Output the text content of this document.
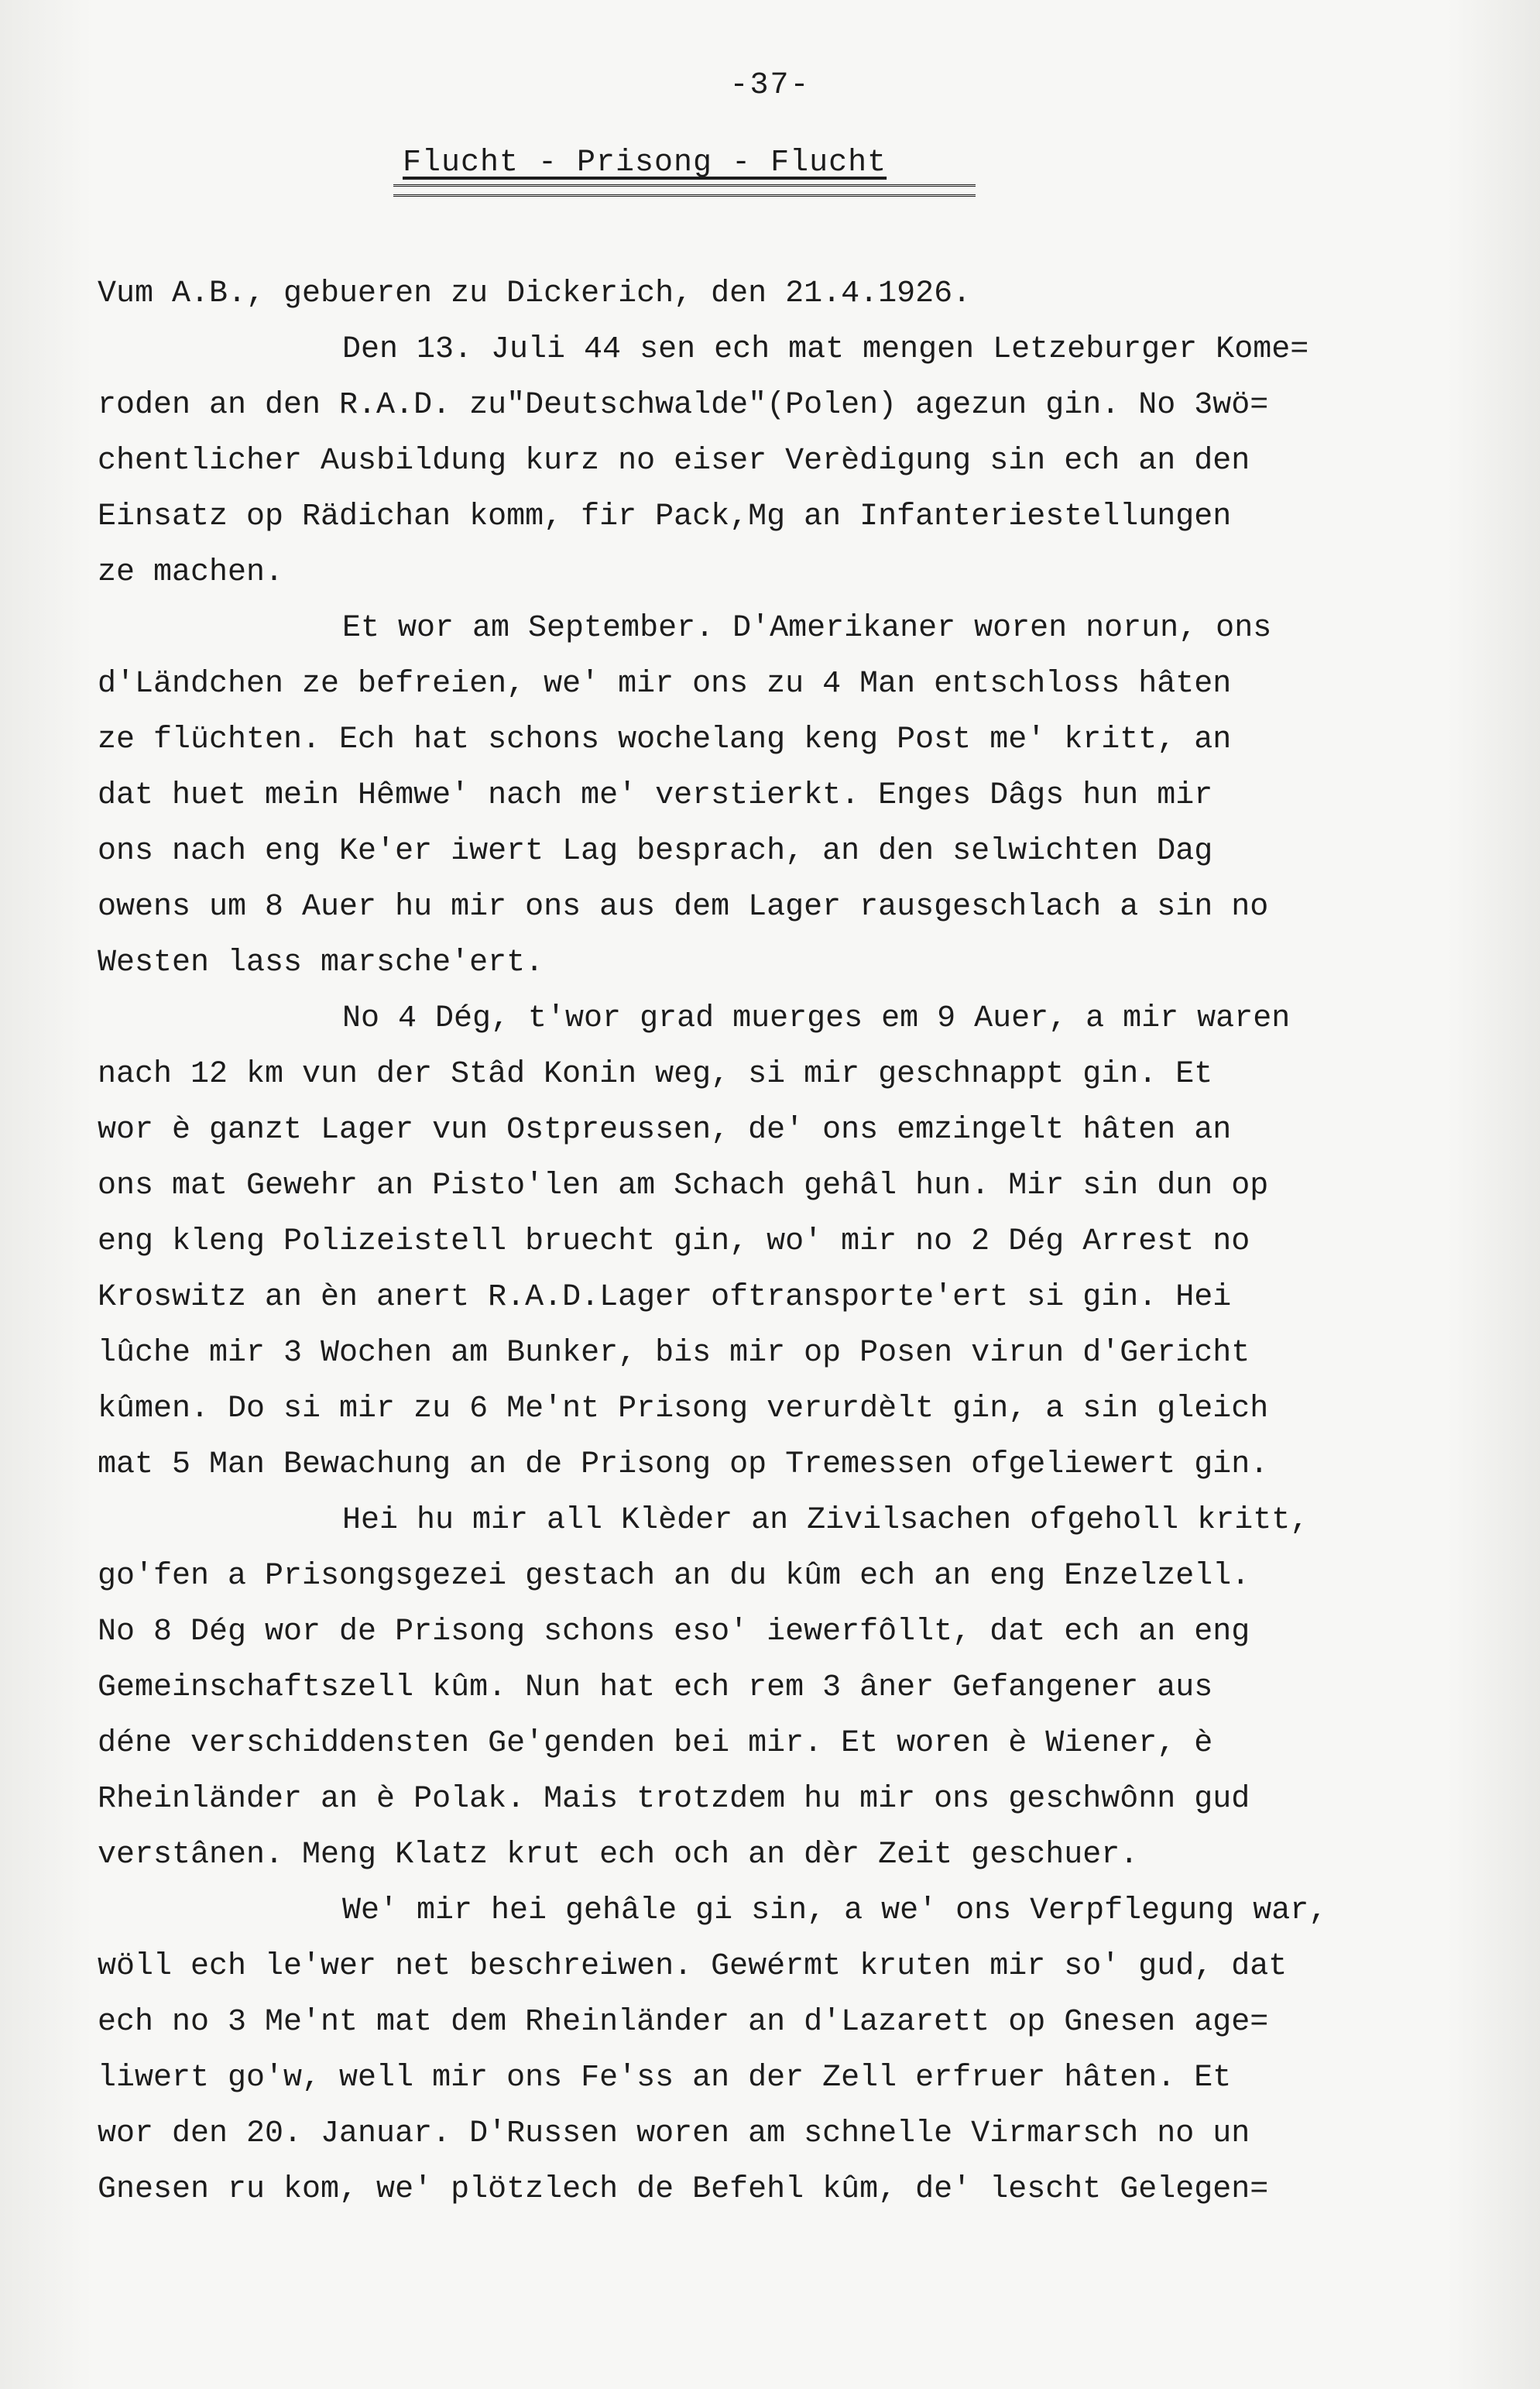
-37-
Flucht - Prisong - Flucht
Vum A.B., gebueren zu Dickerich, den 21.4.1926.
Den 13. Juli 44 sen ech mat mengen Letzeburger Kome=
roden an den R.A.D. zu"Deutschwalde"(Polen) agezun gin. No 3wö=
chentlicher Ausbildung kurz no eiser Verèdigung sin ech an den
Einsatz op Rädichan komm, fir Pack,Mg an Infanteriestellungen
ze machen.
Et wor am September. D'Amerikaner woren norun, ons
d'Ländchen ze befreien, we' mir ons zu 4 Man entschloss hâten
ze flüchten. Ech hat schons wochelang keng Post me' kritt, an
dat huet mein Hêmwe' nach me' verstierkt. Enges Dâgs hun mir
ons nach eng Ke'er iwert Lag besprach, an den selwichten Dag
owens um 8 Auer hu mir ons aus dem Lager rausgeschlach a sin no
Westen lass marsche'ert.
No 4 Dég, t'wor grad muerges em 9 Auer, a mir waren
nach 12 km vun der Stâd Konin weg, si mir geschnappt gin. Et
wor è ganzt Lager vun Ostpreussen, de' ons emzingelt hâten an
ons mat Gewehr an Pisto'len am Schach gehâl hun. Mir sin dun op
eng kleng Polizeistell bruecht gin, wo' mir no 2 Dég Arrest no
Kroswitz an èn anert R.A.D.Lager oftransporte'ert si gin. Hei
lûche mir 3 Wochen am Bunker, bis mir op Posen virun d'Gericht
kûmen. Do si mir zu 6 Me'nt Prisong verurdèlt gin, a sin gleich
mat 5 Man Bewachung an de Prisong op Tremessen ofgeliewert gin.
Hei hu mir all Klèder an Zivilsachen ofgeholl kritt,
go'fen a Prisongsgezei gestach an du kûm ech an eng Enzelzell.
No 8 Dég wor de Prisong schons eso' iewerfôllt, dat ech an eng
Gemeinschaftszell kûm. Nun hat ech rem 3 âner Gefangener aus
déne verschiddensten Ge'genden bei mir. Et woren è Wiener, è
Rheinländer an è Polak. Mais trotzdem hu mir ons geschwônn gud
verstânen. Meng Klatz krut ech och an dèr Zeit geschuer.
We' mir hei gehâle gi sin, a we' ons Verpflegung war,
wöll ech le'wer net beschreiwen. Gewérmt kruten mir so' gud, dat
ech no 3 Me'nt mat dem Rheinländer an d'Lazarett op Gnesen age=
liwert go'w, well mir ons Fe'ss an der Zell erfruer hâten. Et
wor den 20. Januar. D'Russen woren am schnelle Virmarsch no un
Gnesen ru kom, we' plötzlech de Befehl kûm, de' lescht Gelegen=
